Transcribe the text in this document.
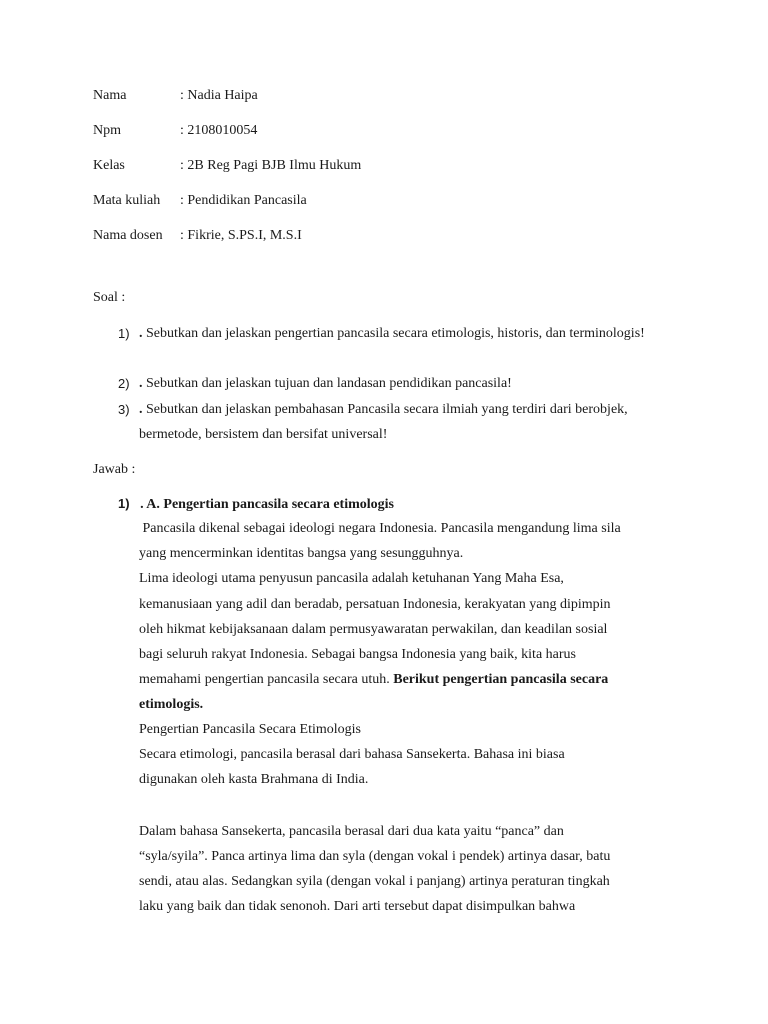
Nama	: Nadia Haipa
Npm	: 2108010054
Kelas	: 2B Reg Pagi BJB Ilmu Hukum
Mata kuliah : Pendidikan Pancasila
Nama dosen : Fikrie, S.PS.I, M.S.I
Soal :
1) . Sebutkan dan jelaskan pengertian pancasila secara etimologis, historis, dan terminologis!
2) . Sebutkan dan jelaskan tujuan dan landasan pendidikan pancasila!
3) . Sebutkan dan jelaskan pembahasan Pancasila secara ilmiah yang terdiri dari berobjek, bermetode, bersistem dan bersifat universal!
Jawab :
1)   . A. Pengertian pancasila secara etimologis
Pancasila dikenal sebagai ideologi negara Indonesia. Pancasila mengandung lima sila
yang mencerminkan identitas bangsa yang sesungguhnya.
Lima ideologi utama penyusun pancasila adalah ketuhanan Yang Maha Esa,
kemanusiaan yang adil dan beradab, persatuan Indonesia, kerakyatan yang dipimpin
oleh hikmat kebijaksanaan dalam permusyawaratan perwakilan, dan keadilan sosial
bagi seluruh rakyat Indonesia. Sebagai bangsa Indonesia yang baik, kita harus
memahami pengertian pancasila secara utuh. Berikut pengertian pancasila secara
etimologis.
Pengertian Pancasila Secara Etimologis
Secara etimologi, pancasila berasal dari bahasa Sansekerta. Bahasa ini biasa
digunakan oleh kasta Brahmana di India.
Dalam bahasa Sansekerta, pancasila berasal dari dua kata yaitu “panca” dan
“syla/syila”. Panca artinya lima dan syla (dengan vokal i pendek) artinya dasar, batu
sendi, atau alas. Sedangkan syila (dengan vokal i panjang) artinya peraturan tingkah
laku yang baik dan tidak senonoh. Dari arti tersebut dapat disimpulkan bahwa
